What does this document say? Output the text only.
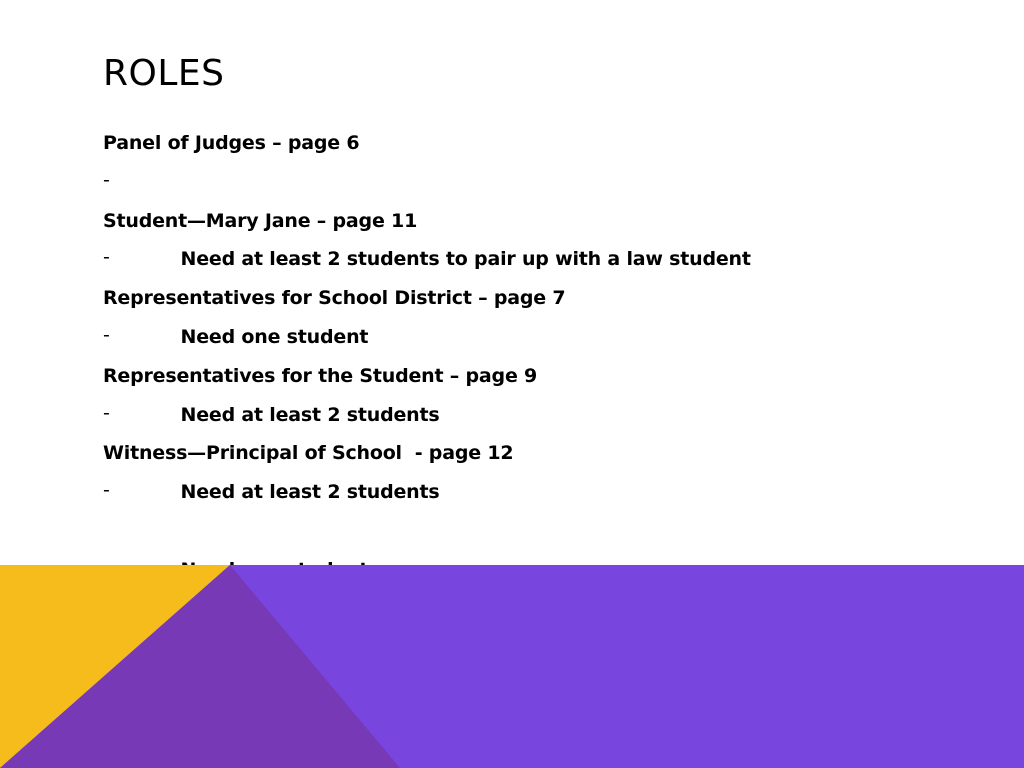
ROLES
Panel of Judges – page 6

-

Need at least 2 students to pair up with a law student

Student—Mary Jane – page 11

-

Need one student

Representatives for School District – page 7

-

Need at least 2 students

Representatives for the Student – page 9

-

Need at least 2 students

Witness—Principal of School  - page 12

-
